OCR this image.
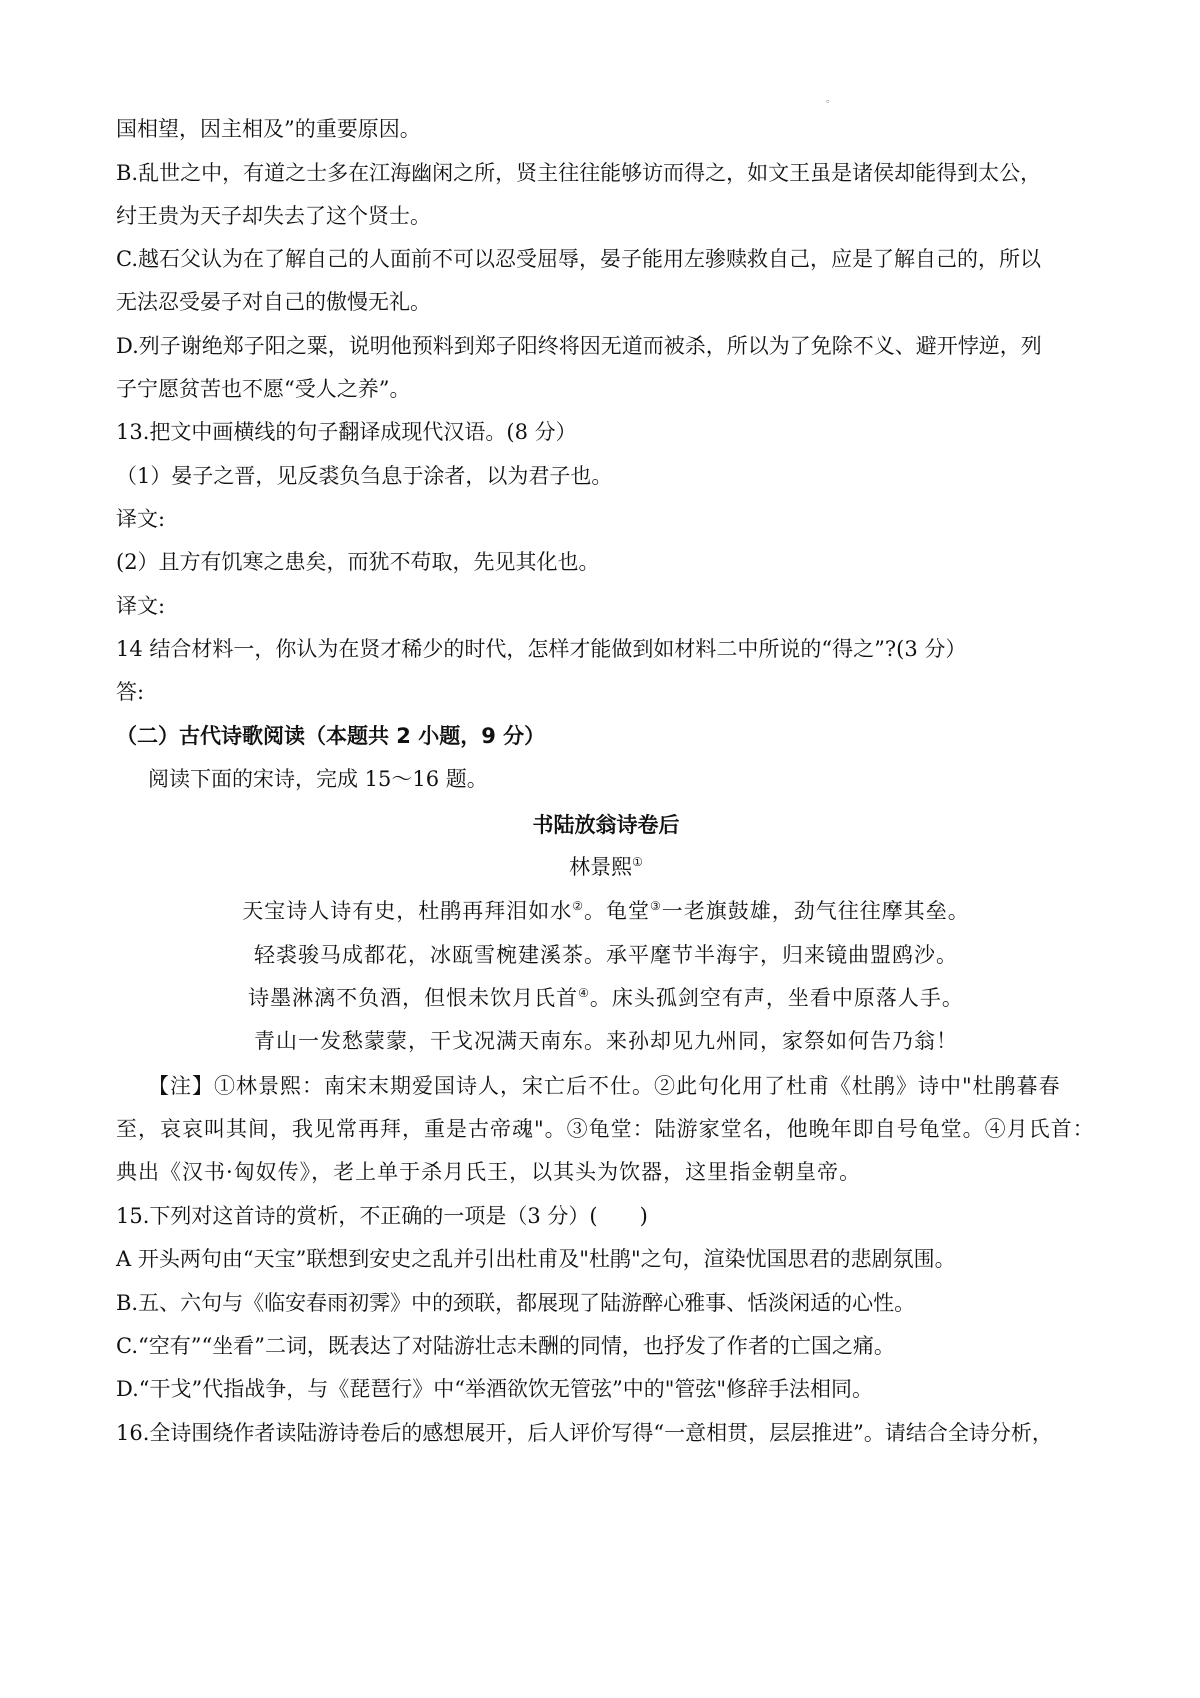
。
国相望，因主相及”的重要原因。
B.乱世之中，有道之士多在江海幽闲之所，贤主往往能够访而得之，如文王虽是诸侯却能得到太公，
纣王贵为天子却失去了这个贤士。
C.越石父认为在了解自己的人面前不可以忍受屈辱，晏子能用左骖赎救自己，应是了解自己的，所以
无法忍受晏子对自己的傲慢无礼。
D.列子谢绝郑子阳之粟，说明他预料到郑子阳终将因无道而被杀，所以为了免除不义、避开悖逆，列
子宁愿贫苦也不愿“受人之养”。
13.把文中画横线的句子翻译成现代汉语。(8 分）
（1）晏子之晋，见反裘负刍息于涂者，以为君子也。
译文:
(2）且方有饥寒之患矣，而犹不苟取，先见其化也。
译文:
14 结合材料一，你认为在贤才稀少的时代，怎样才能做到如材料二中所说的“得之”?(3 分）
答:
（二）古代诗歌阅读（本题共 2 小题，9 分）
阅读下面的宋诗，完成 15～16 题。
书陆放翁诗卷后
林景熙①
天宝诗人诗有史，杜鹃再拜泪如水②。龟堂③一老旗鼓雄，劲气往往摩其垒。
轻裘骏马成都花，冰瓯雪椀建溪茶。承平麾节半海宇，归来镜曲盟鸥沙。
诗墨淋漓不负酒，但恨未饮月氏首④。床头孤剑空有声，坐看中原落人手。
青山一发愁蒙蒙，干戈况满天南东。来孙却见九州同，家祭如何告乃翁！
【注】①林景熙：南宋末期爱国诗人，宋亡后不仕。②此句化用了杜甫《杜鹃》诗中"杜鹃暮春
至，哀哀叫其间，我见常再拜，重是古帝魂"。③龟堂：陆游家堂名，他晚年即自号龟堂。④月氏首：
典出《汉书·匈奴传》，老上单于杀月氏王，以其头为饮器，这里指金朝皇帝。
15.下列对这首诗的赏析，不正确的一项是（3 分）(　　)
A 开头两句由“天宝”联想到安史之乱并引出杜甫及"杜鹃"之句，渲染忧国思君的悲剧氛围。
B.五、六句与《临安春雨初霁》中的颈联，都展现了陆游醉心雅事、恬淡闲适的心性。
C.“空有”“坐看”二词，既表达了对陆游壮志未酬的同情，也抒发了作者的亡国之痛。
D.“干戈”代指战争，与《琵琶行》中“举酒欲饮无管弦”中的"管弦"修辞手法相同。
16.全诗围绕作者读陆游诗卷后的感想展开，后人评价写得“一意相贯，层层推进”。请结合全诗分析，
